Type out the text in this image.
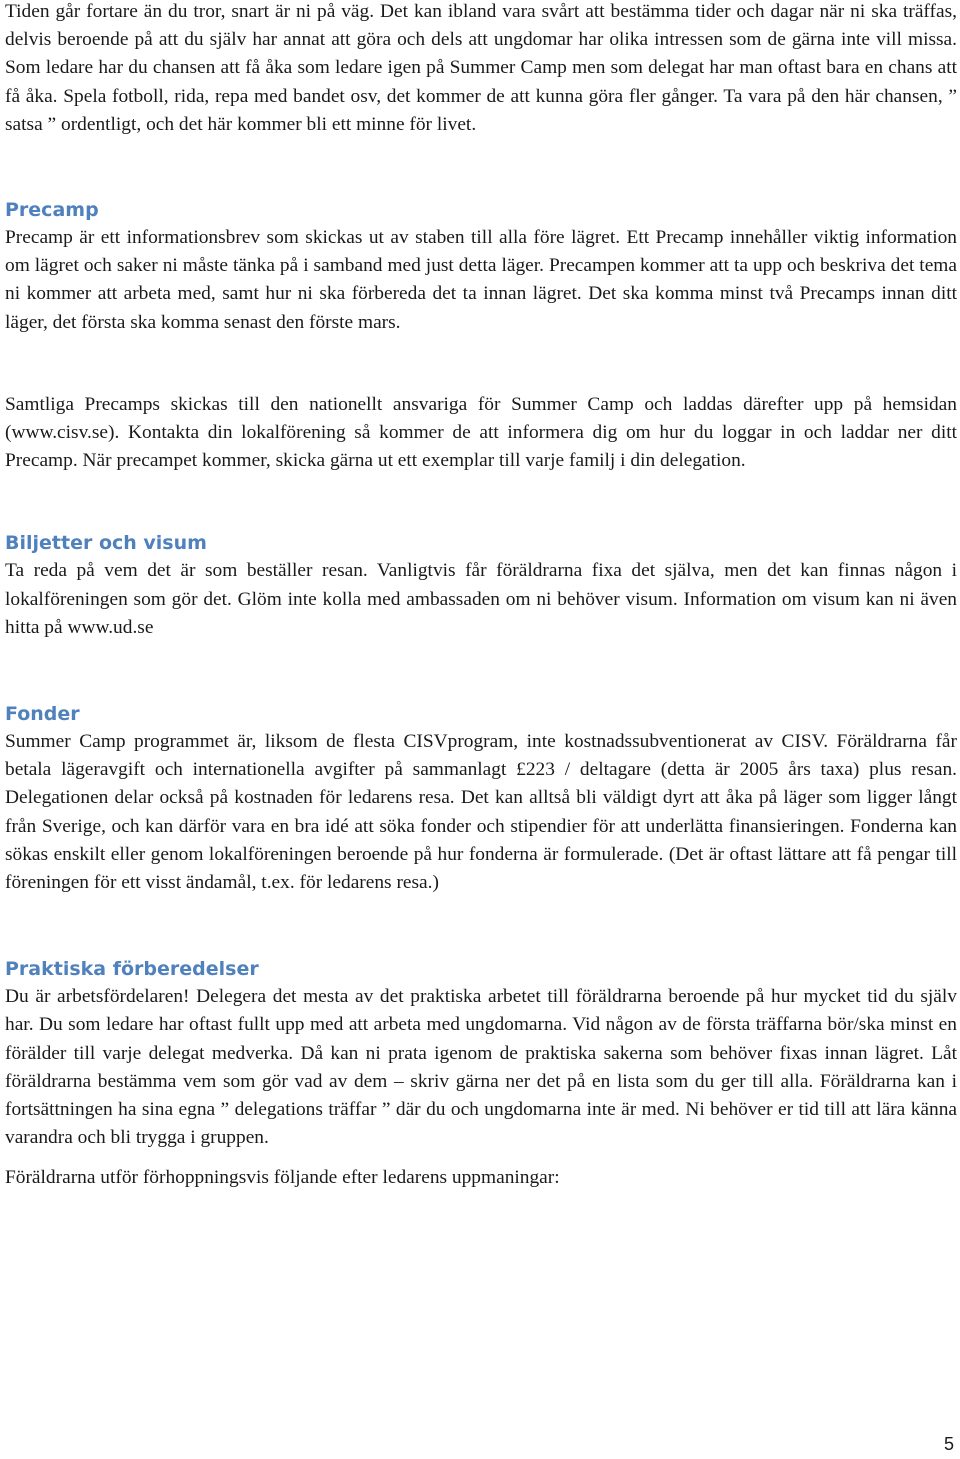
Tiden går fortare än du tror, snart är ni på väg. Det kan ibland vara svårt att bestämma tider och dagar när ni ska träffas, delvis beroende på att du själv har annat att göra och dels att ungdomar har olika intressen som de gärna inte vill missa. Som ledare har du chansen att få åka som ledare igen på Summer Camp men som delegat har man oftast bara en chans att få åka. Spela fotboll, rida, repa med bandet osv, det kommer de att kunna göra fler gånger. Ta vara på den här chansen, ” satsa ” ordentligt, och det här kommer bli ett minne för livet.

Precamp

Precamp är ett informationsbrev som skickas ut av staben till alla före lägret. Ett Precamp innehåller viktig information om lägret och saker ni måste tänka på i samband med just detta läger. Precampen kommer att ta upp och beskriva det tema ni kommer att arbeta med, samt hur ni ska förbereda det ta innan lägret. Det ska komma minst två Precamps innan ditt läger, det första ska komma senast den förste mars.

Samtliga Precamps skickas till den nationellt ansvariga för Summer Camp och laddas därefter upp på hemsidan (www.cisv.se). Kontakta din lokalförening så kommer de att informera dig om hur du loggar in och laddar ner ditt Precamp. När precampet kommer, skicka gärna ut ett exemplar till varje familj i din delegation.

Biljetter och visum

Ta reda på vem det är som beställer resan. Vanligtvis får föräldrarna fixa det själva, men det kan finnas någon i lokalföreningen som gör det. Glöm inte kolla med ambassaden om ni behöver visum. Information om visum kan ni även hitta på www.ud.se

Fonder

Summer Camp programmet är, liksom de flesta CISVprogram, inte kostnadssubventionerat av CISV. Föräldrarna får betala lägeravgift och internationella avgifter på sammanlagt £223 / deltagare (detta är 2005 års taxa) plus resan. Delegationen delar också på kostnaden för ledarens resa. Det kan alltså bli väldigt dyrt att åka på läger som ligger långt från Sverige, och kan därför vara en bra idé att söka fonder och stipendier för att underlätta finansieringen. Fonderna kan sökas enskilt eller genom lokalföreningen beroende på hur fonderna är formulerade. (Det är oftast lättare att få pengar till föreningen för ett visst ändamål, t.ex. för ledarens resa.)

Praktiska förberedelser

Du är arbetsfördelaren! Delegera det mesta av det praktiska arbetet till föräldrarna beroende på hur mycket tid du själv har. Du som ledare har oftast fullt upp med att arbeta med ungdomarna. Vid någon av de första träffarna bör/ska minst en förälder till varje delegat medverka. Då kan ni prata igenom de praktiska sakerna som behöver fixas innan lägret. Låt föräldrarna bestämma vem som gör vad av dem – skriv gärna ner det på en lista som du ger till alla. Föräldrarna kan i fortsättningen ha sina egna ” delegations träffar ” där du och ungdomarna inte är med. Ni behöver er tid till att lära känna varandra och bli trygga i gruppen.

Föräldrarna utför förhoppningsvis följande efter ledarens uppmaningar:

5
